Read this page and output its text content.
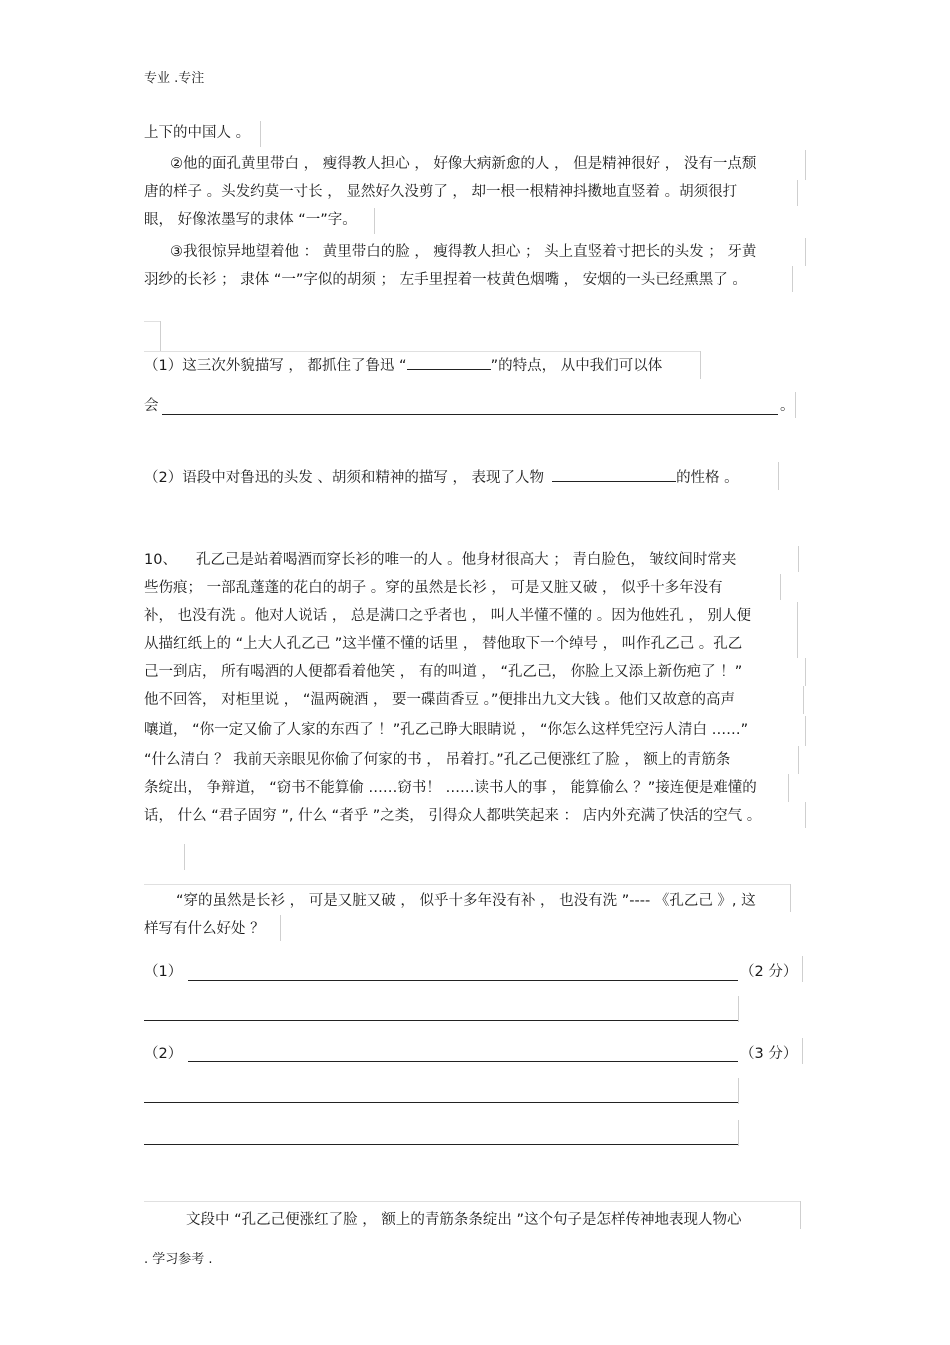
专业 .专注
上下的中国人 。
②他的面孔黄里带白 ， 瘦得教人担心 ， 好像大病新愈的人 ， 但是精神很好 ， 没有一点颓
唐的样子 。头发约莫一寸长 ， 显然好久没剪了 ， 却一根一根精神抖擞地直竖着 。胡须很打
眼， 好像浓墨写的隶体 “一”字。
③我很惊异地望着他 ： 黄里带白的脸 ， 瘦得教人担心 ； 头上直竖着寸把长的头发 ； 牙黄
羽纱的长衫 ； 隶体 “一”字似的胡须 ； 左手里捏着一枝黄色烟嘴 ， 安烟的一头已经熏黑了 。
（1）这三次外貌描写 ， 都抓住了鲁迅 “	”的特点， 从中我们可以体
会	。
（2）语段中对鲁迅的头发 、胡须和精神的描写 ， 表现了人物	的性格 。
10、 孔乙己是站着喝酒而穿长衫的唯一的人 。他身材很高大 ； 青白脸色， 皱纹间时常夹
些伤痕； 一部乱蓬蓬的花白的胡子 。穿的虽然是长衫 ， 可是又脏又破 ， 似乎十多年没有
补， 也没有洗 。他对人说话 ， 总是满口之乎者也 ， 叫人半懂不懂的 。因为他姓孔 ， 别人便
从描红纸上的 “上大人孔乙己 ”这半懂不懂的话里 ， 替他取下一个绰号 ， 叫作孔乙己 。孔乙
己一到店， 所有喝酒的人便都看着他笑 ， 有的叫道 ， “孔乙己， 你脸上又添上新伤疤了 ！”
他不回答， 对柜里说 ， “温两碗酒 ， 要一碟茴香豆 。”便排出九文大钱 。他们又故意的高声
嚷道， “你一定又偷了人家的东西了 ！”孔乙己睁大眼睛说 ， “你怎么这样凭空污人清白 ……”
“什么清白 ？ 我前天亲眼见你偷了何家的书 ， 吊着打。”孔乙己便涨红了脸 ， 额上的青筋条
条绽出， 争辩道， “窃书不能算偷 ……窃书！ ……读书人的事 ， 能算偷么 ？”接连便是难懂的
话， 什么 “君子固穷 ”, 什么 “者乎 ”之类， 引得众人都哄笑起来 ： 店内外充满了快活的空气 。
“穿的虽然是长衫 ， 可是又脏又破 ， 似乎十多年没有补 ， 也没有洗 ”---- 《孔乙己 》, 这
样写有什么好处 ？
（1）	（2 分）
（2）	（3 分）
文段中 “孔乙己便涨红了脸 ， 额上的青筋条条绽出 ”这个句子是怎样传神地表现人物心
. 学习参考 .
